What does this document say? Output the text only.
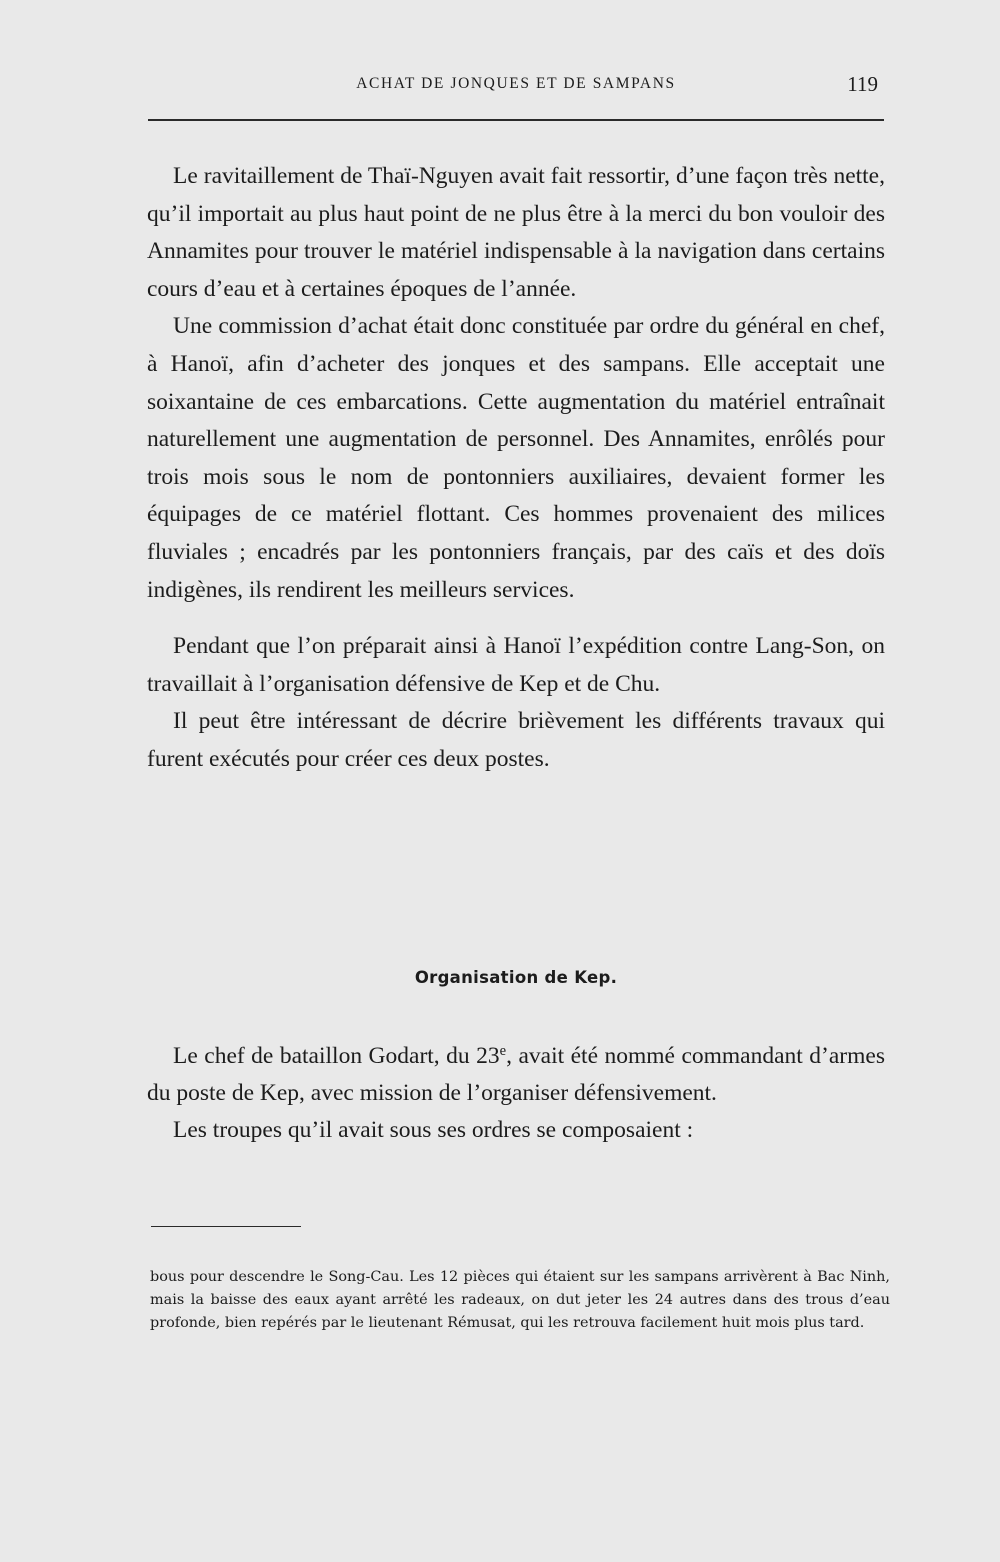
ACHAT DE JONQUES ET DE SAMPANS	119

Le ravitaillement de Thaï-Nguyen avait fait ressortir, d’une façon très nette, qu’il importait au plus haut point de ne plus être à la merci du bon vouloir des Annamites pour trouver le matériel indispensable à la navigation dans certains cours d’eau et à certaines époques de l’année.

Une commission d’achat était donc constituée par ordre du général en chef, à Hanoï, afin d’acheter des jonques et des sampans. Elle acceptait une soixantaine de ces embarcations. Cette augmentation du matériel entraînait naturellement une augmentation de personnel. Des Annamites, enrôlés pour trois mois sous le nom de pontonniers auxiliaires, devaient former les équipages de ce matériel flottant. Ces hommes provenaient des milices fluviales ; encadrés par les pontonniers français, par des caïs et des doïs indigènes, ils rendirent les meilleurs services.

Pendant que l’on préparait ainsi à Hanoï l’expédition contre Lang-Son, on travaillait à l’organisation défensive de Kep et de Chu.

Il peut être intéressant de décrire brièvement les différents travaux qui furent exécutés pour créer ces deux postes.

Organisation de Kep.

Le chef de bataillon Godart, du 23e, avait été nommé commandant d’armes du poste de Kep, avec mission de l’organiser défensivement.

Les troupes qu’il avait sous ses ordres se composaient :

bous pour descendre le Song-Cau. Les 12 pièces qui étaient sur les sampans arrivèrent à Bac Ninh, mais la baisse des eaux ayant arrêté les radeaux, on dut jeter les 24 autres dans des trous d’eau profonde, bien repérés par le lieutenant Rémusat, qui les retrouva facilement huit mois plus tard.
